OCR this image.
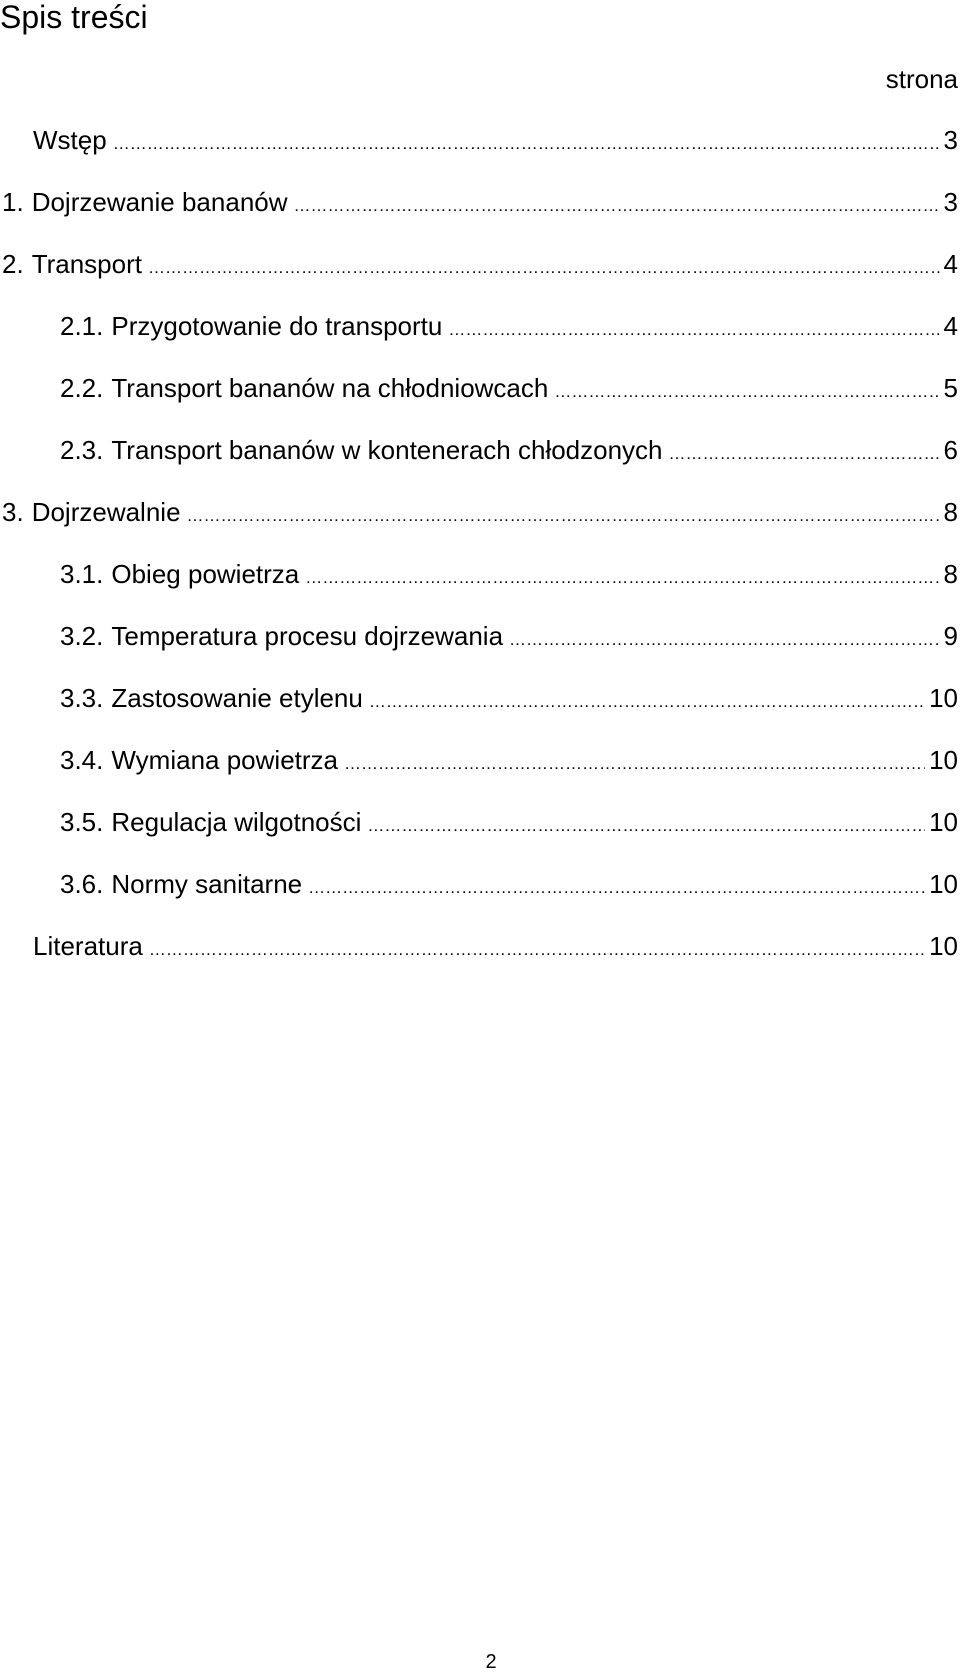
Spis treści
strona
Wstęp ……………………………………………………………………………………………………………………………………………………………………………	3
1. Dojrzewanie bananów ……………………………………………………………………………………………………………………………………………………………………………	3
2. Transport ……………………………………………………………………………………………………………………………………………………………………………	4
2.1. Przygotowanie do transportu ……………………………………………………………………………………………………………………………………………………………………………	4
2.2. Transport bananów na chłodniowcach ……………………………………………………………………………………………………………………………………………………………………………	5
2.3. Transport bananów w kontenerach chłodzonych ……………………………………………………………………………………………………………………………………………………………………………	6
3. Dojrzewalnie ……………………………………………………………………………………………………………………………………………………………………………	8
3.1. Obieg powietrza ……………………………………………………………………………………………………………………………………………………………………………	8
3.2. Temperatura procesu dojrzewania ……………………………………………………………………………………………………………………………………………………………………………	9
3.3. Zastosowanie etylenu ……………………………………………………………………………………………………………………………………………………………………………	10
3.4. Wymiana powietrza ……………………………………………………………………………………………………………………………………………………………………………	10
3.5. Regulacja wilgotności ……………………………………………………………………………………………………………………………………………………………………………	10
3.6. Normy sanitarne ……………………………………………………………………………………………………………………………………………………………………………	10
Literatura ……………………………………………………………………………………………………………………………………………………………………………	10
2
